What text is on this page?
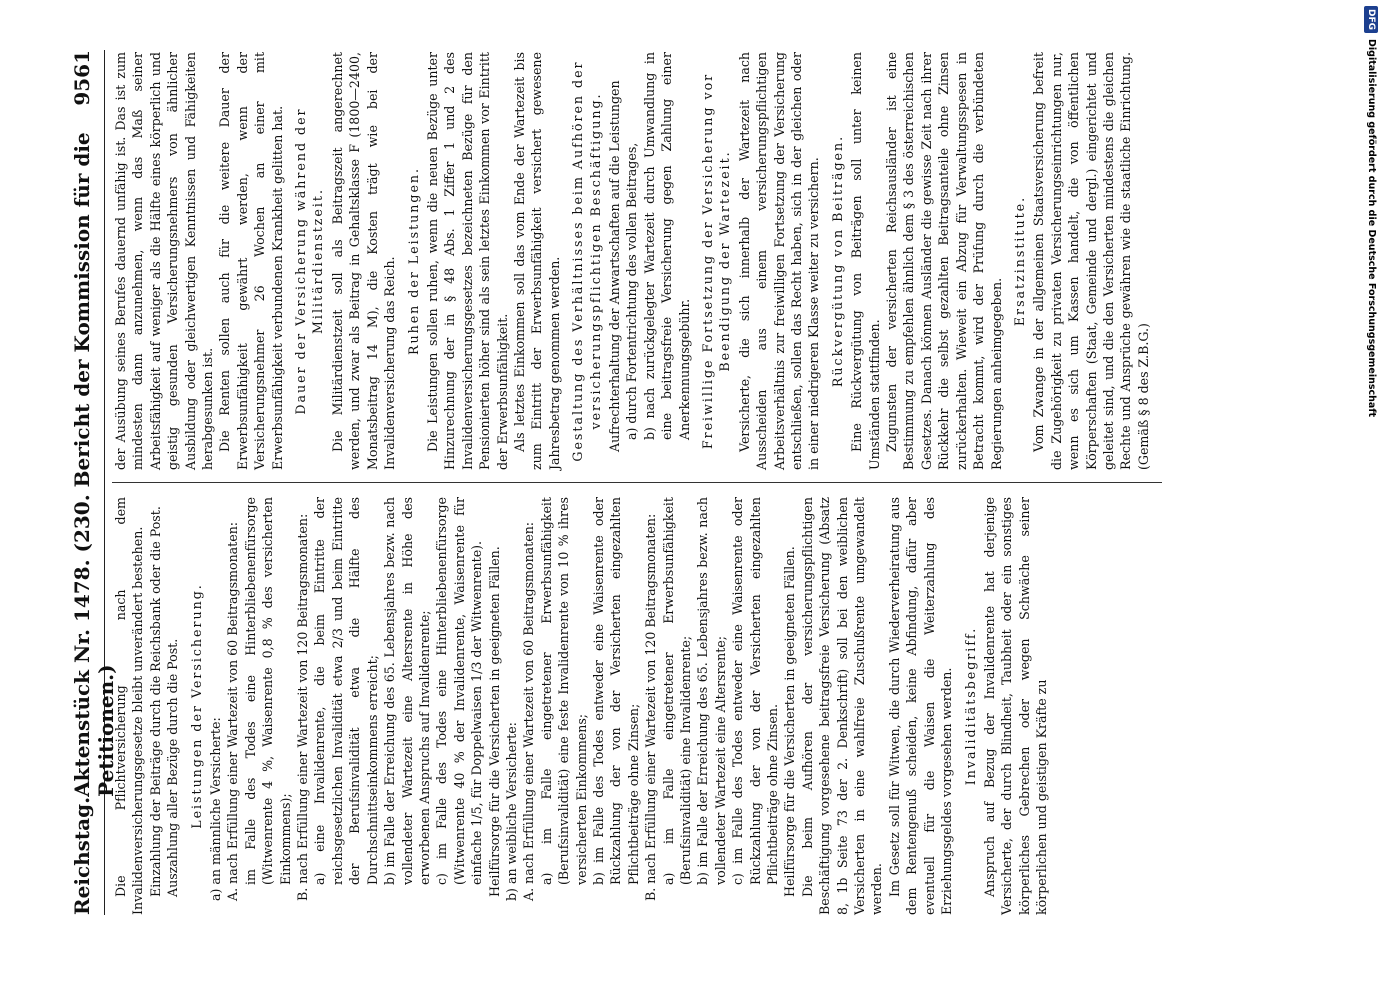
Reichstag.
Aktenstück Nr. 1478. (230. Bericht der Kommission für die Petitionen.)
9561

Die Pflichtversicherung nach dem Invalidenversicherungsgesetze bleibt unverändert bestehen. Einzahlung der Beiträge durch die Reichsbank oder die Post. Auszahlung aller Bezüge durch die Post. Leistungen der Versicherung. a) an männliche Versicherte: A. nach Erfüllung einer Wartezeit von 60 Beitragsmonaten: im Falle des Todes eine Hinterbliebenenfürsorge (Witwenrente 4 %, Waisenrente 0,8 % des versicherten Einkommens); B. nach Erfüllung einer Wartezeit von 120 Beitragsmonaten: a) eine Invalidenrente, die beim Eintritte der reichsgesetzlichen Invalidität etwa 2/3 und beim Eintritte der Berufsinvalidität etwa die Hälfte des Durchschnittseinkommens erreicht; b) im Falle der Erreichung des 65. Lebensjahres bezw. nach vollendeter Wartezeit eine Altersrente in Höhe des erworbenen Anspruchs auf Invalidenrente; c) im Falle des Todes eine Hinterbliebenenfürsorge (Witwenrente 40 % der Invalidenrente, Waisenrente für einfache 1/5, für Doppelwaisen 1/3 der Witwenrente). Heilfürsorge für die Versicherten in geeigneten Fällen. b) an weibliche Versicherte: A. nach Erfüllung einer Wartezeit von 60 Beitragsmonaten: a) im Falle eingetretener Erwerbsunfähigkeit (Berufsinvalidität) eine feste Invalidenrente von 10 % ihres versicherten Einkommens; b) im Falle des Todes entweder eine Waisenrente oder Rückzahlung der von der Versicherten eingezahlten Pflichtbeiträge ohne Zinsen; B. nach Erfüllung einer Wartezeit von 120 Beitragsmonaten: a) im Falle eingetretener Erwerbsunfähigkeit (Berufsinvalidität) eine Invalidenrente; b) im Falle der Erreichung des 65. Lebensjahres bezw. nach vollendeter Wartezeit eine Altersrente; c) im Falle des Todes entweder eine Waisenrente oder Rückzahlung der von der Versicherten eingezahlten Pflichtbeiträge ohne Zinsen. Heilfürsorge für die Versicherten in geeigneten Fällen. Die beim Aufhören der versicherungspflichtigen Beschäftigung vorgesehene beitragsfreie Versicherung (Absatz 8, 1b Seite 73 der 2. Denkschrift) soll bei den weiblichen Versicherten in eine wahlfreie Zuschußrente umgewandelt werden. Im Gesetz soll für Witwen, die durch Wiederverheiratung aus dem Rentengenuß scheiden, keine Abfindung, dafür aber eventuell für die Waisen die Weiterzahlung des Erziehungsgeldes vorgesehen werden. Invaliditätsbegriff. Anspruch auf Bezug der Invalidenrente hat derjenige Versicherte, der durch Blindheit, Taubheit oder ein sonstiges körperliches Gebrechen oder wegen Schwäche seiner körperlichen und geistigen Kräfte zu

der Ausübung seines Berufes dauernd unfähig ist. Das ist zum mindesten dann anzunehmen, wenn das Maß seiner Arbeitsfähigkeit auf weniger als die Hälfte eines körperlich und geistig gesunden Versicherungsnehmers von ähnlicher Ausbildung oder gleichwertigen Kenntnissen und Fähigkeiten herabgesunken ist. Die Renten sollen auch für die weitere Dauer der Erwerbsunfähigkeit gewährt werden, wenn der Versicherungsnehmer 26 Wochen an einer mit Erwerbsunfähigkeit verbundenen Krankheit gelitten hat. Dauer der Versicherung während der Militärdienstzeit. Die Militärdienstzeit soll als Beitragszeit angerechnet werden, und zwar als Beitrag in Gehaltsklasse F (1800—2400, Monatsbeitrag 14 M), die Kosten trägt wie bei der Invalidenversicherung das Reich. Ruhen der Leistungen. Die Leistungen sollen ruhen, wenn die neuen Bezüge unter Hinzurechnung der in § 48 Abs. 1 Ziffer 1 und 2 des Invalidenversicherungsgesetzes bezeichneten Bezüge für den Pensionierten höher sind als sein letztes Einkommen vor Eintritt der Erwerbsunfähigkeit. Als letztes Einkommen soll das vom Ende der Wartezeit bis zum Eintritt der Erwerbsunfähigkeit versichert gewesene Jahresbetrag genommen werden. Gestaltung des Verhältnisses beim Aufhören der versicherungspflichtigen Beschäftigung. Aufrechterhaltung der Anwartschaften auf die Leistungen a) durch Fortentrichtung des vollen Beitrages, b) nach zurückgelegter Wartezeit durch Umwandlung in eine beitragsfreie Versicherung gegen Zahlung einer Anerkennungsgebühr. Freiwillige Fortsetzung der Versicherung vor Beendigung der Wartezeit. Versicherte, die sich innerhalb der Wartezeit nach Ausscheiden aus einem versicherungspflichtigen Arbeitsverhältnis zur freiwilligen Fortsetzung der Versicherung entschließen, sollen das Recht haben, sich in der gleichen oder in einer niedrigeren Klasse weiter zu versichern. Rückvergütung von Beiträgen. Eine Rückvergütung von Beiträgen soll unter keinen Umständen stattfinden. Zugunsten der versicherten Reichsausländer ist eine Bestimmung zu empfehlen ähnlich dem § 3 des österreichischen Gesetzes. Danach können Ausländer die gewisse Zeit nach ihrer Rückkehr die selbst gezahlten Beitragsanteile ohne Zinsen zurückerhalten. Wieweit ein Abzug für Verwaltungsspesen in Betracht kommt, wird der Prüfung durch die verbündeten Regierungen anheimgegeben.

Ersatzinstitute. Vom Zwange in der allgemeinen Staatsversicherung befreit die Zugehörigkeit zu privaten Versicherungseinrichtungen nur, wenn es sich um Kassen handelt, die von öffentlichen Körperschaften (Staat, Gemeinde und dergl.) eingerichtet und geleitet sind, und die den Versicherten mindestens die gleichen Rechte und Ansprüche gewähren wie die staatliche Einrichtung. (Gemäß § 8 des Z.B.G.)

DFG
Digitalisierung gefördert durch die Deutsche Forschungsgemeinschaft
